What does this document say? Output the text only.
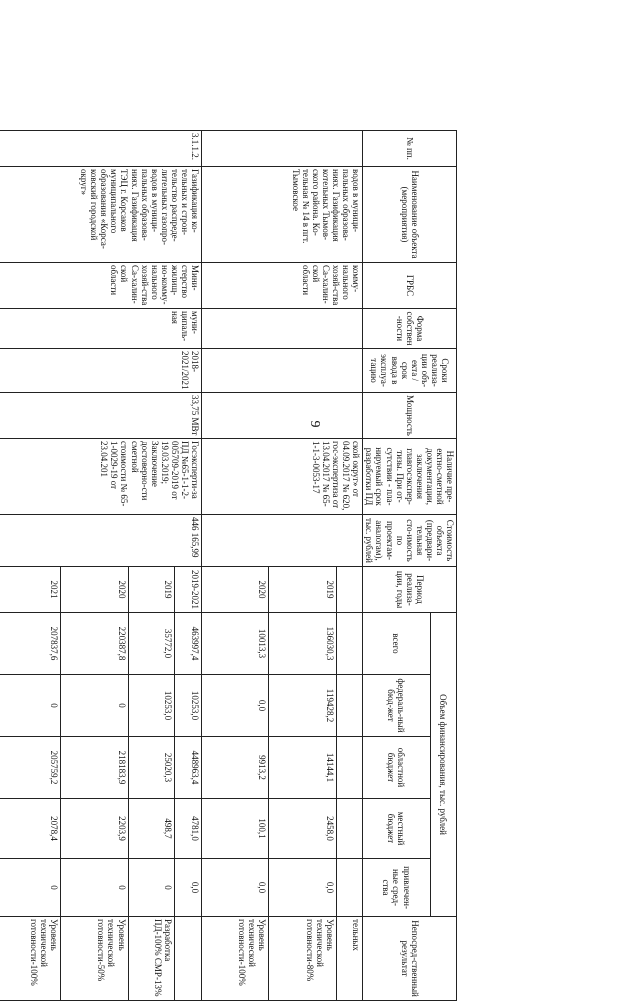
9
№ пп.	Наименование объекта (мероприятия)	ГРБС	Форма собствен-ности	Сроки реализа-ции объ-екта / срок ввода в эксплуа-тацию	Мощность	Наличие пре-ектно-сметной документации, заключения главгосэкспер-тизы. При от-сутствии - пла-нируемый срок разработки ПД	Стоимость объекта (предвари-тельная сто-имость по проектам-аналогам), тыс. рублей	Период реализа-ции, годы	Объем финансирования, тыс. рублей					Непосред-ственный результат
									всего	федераль-ный бюд-жет	областной бюджет	местный бюджет	привлечен-ные сред-ства	
	водов в муници-пальных образова-ниях. Газификация котельных Тымов-ского района. Ко-тельная № 14 в пгт. Тымовское	комму-нального хозяй-ства Са-халин-ской области				ской округ» от 04.09.2017 № 620, гос-экспертиза от 13.04.2017 № 65-1-1-3-0053-17								тельных
								2019	136030,3	119428,2	14144,1	2458,0	0,0	Уровень технической готовности-80%
								2020	10013,3	0,0	9913,2	100,1	0,0	Уровень технической готовности-100%
3.1.1.2.	Газификация ко-тельных и строн-тельство распреде-лительных газопро-водов в муници-пальных образова-ниях. Газификация ТЭЦ г. Корсаков муниципального образования «Корса-ковский городской округ»	Мини-стерство жилищ-но-комму-нального хозяй-ства Са-халин-ской области	муни-ципаль-ная	2018-2021/2021	33,75 МВт	Госэксперти-за ПД №65-1-1-2-005709-2019 от 19.03.2019; Заключение достоверно-сти сметной стоимости № 65-1-0029-19 от 23.04.201	446 165,99	2019-2021	463997,4	10253,0	448963,4	4781,0	0,0	
								2019	35772,0	10253,0	25020,3	498,7	0	Разработка ПД-100% СМР-13%
								2020	220387,8	0	218183,9	2203,9	0	Уровень технической готовности-50%
								2021	207837,6	0	205759,2	2078,4	0	Уровень технической готовности-100%
